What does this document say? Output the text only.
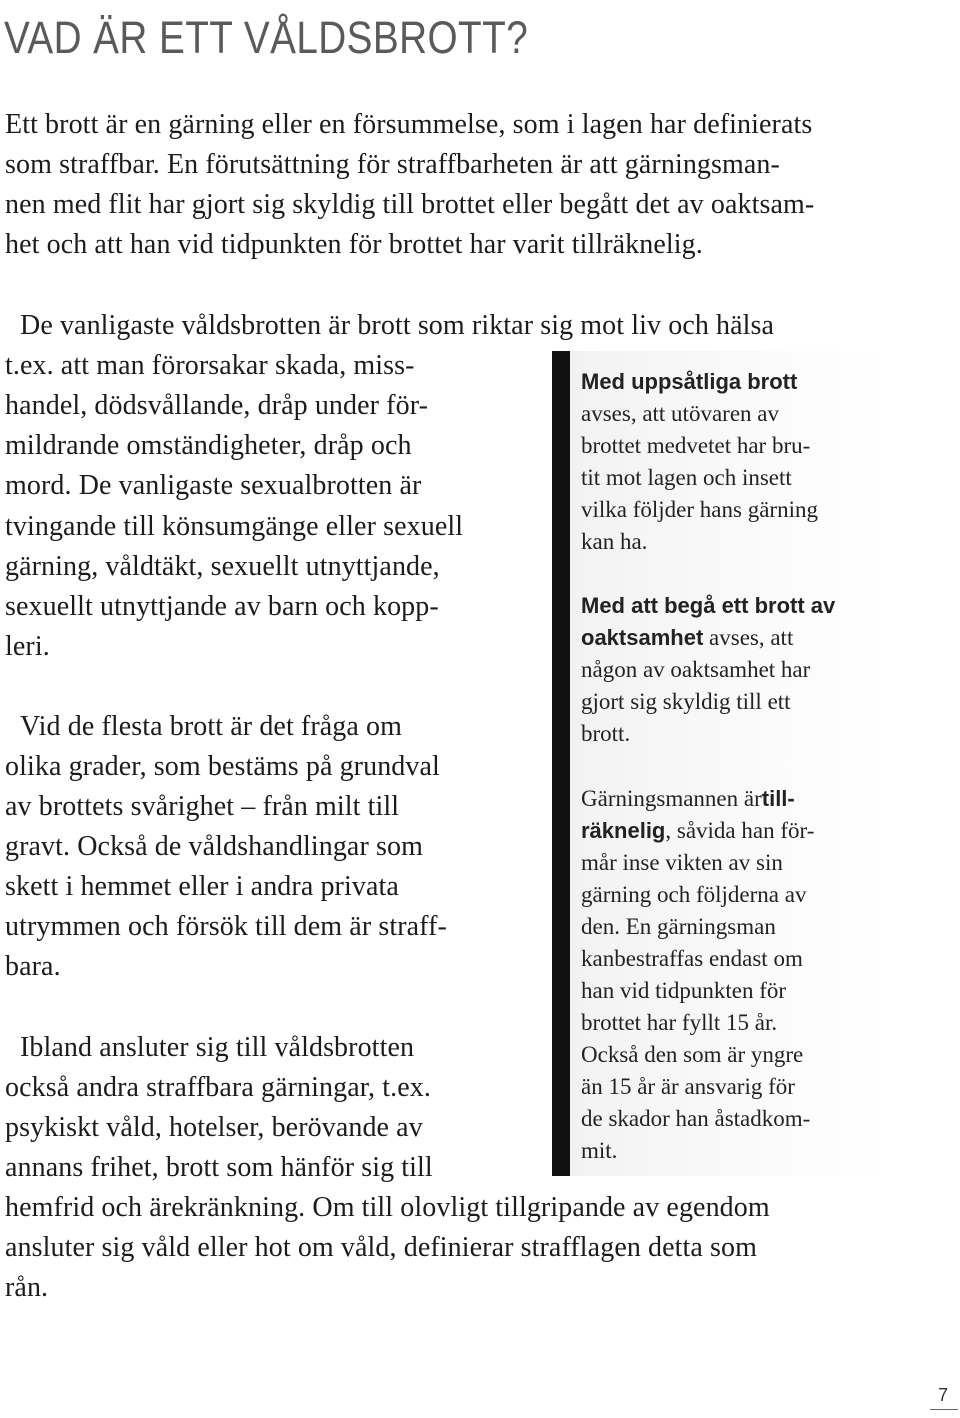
VAD ÄR ETT VÅLDSBROTT?
Ett brott är en gärning eller en försummelse, som i lagen har definierats
som straffbar. En förutsättning för straffbarheten är att gärningsman-
nen med flit har gjort sig skyldig till brottet eller begått det av oaktsam-
het och att han vid tidpunkten för brottet har varit tillräknelig.
De vanligaste våldsbrotten är brott som riktar sig mot liv och hälsa
t.ex. att man förorsakar skada, miss-
handel, dödsvållande, dråp under för-
mildrande omständigheter, dråp och
mord. De vanligaste sexualbrotten är
tvingande till könsumgänge eller sexuell
gärning, våldtäkt, sexuellt utnyttjande,
sexuellt utnyttjande av barn och kopp-
leri.
Vid de flesta brott är det fråga om
olika grader, som bestäms på grundval
av brottets svårighet – från milt till
gravt. Också de våldshandlingar som
skett i hemmet eller i andra privata
utrymmen och försök till dem är straff-
bara.
Ibland ansluter sig till våldsbrotten
också andra straffbara gärningar, t.ex.
psykiskt våld, hotelser, berövande av
annans frihet, brott som hänför sig till
hemfrid och ärekränkning. Om till olovligt tillgripande av egendom
ansluter sig våld eller hot om våld, definierar strafflagen detta som
rån.
Med uppsåtliga brott
avses, att utövaren av
brottet medvetet har bru-
tit mot lagen och insett
vilka följder hans gärning
kan ha.
Med att begå ett brott av
oaktsamhet avses, att
någon av oaktsamhet har
gjort sig skyldig till ett
brott.
Gärningsmannen ärtill-
räknelig, såvida han för-
mår inse vikten av sin
gärning och följderna av
den. En gärningsman
kanbestraffas endast om
han vid tidpunkten för
brottet har fyllt 15 år.
Också den som är yngre
än 15 år är ansvarig för
de skador han åstadkom-
mit.
7
